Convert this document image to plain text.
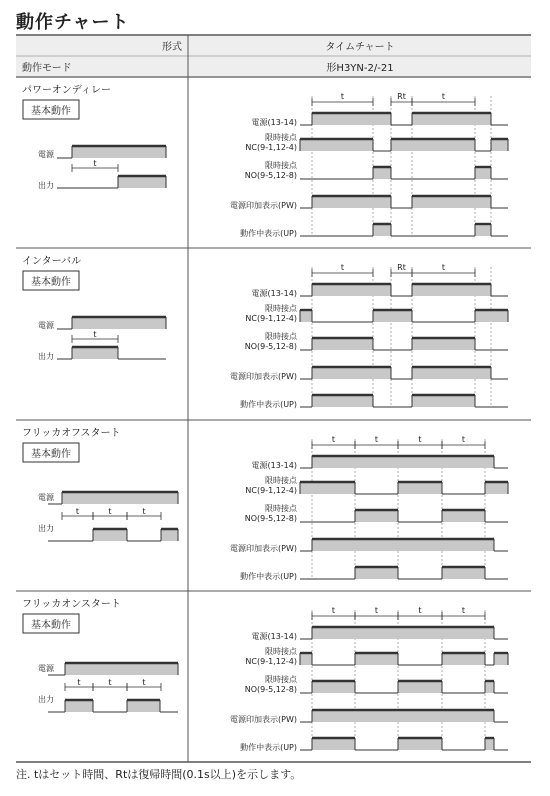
動作チャート
形式	タイムチャート
動作モード	形H3YN-2/-21
パワーオンディレー
基本動作
電源
出力
t
電源(13-14)
限時接点
NC(9-1,12-4)
限時接点
NO(9-5,12-8)
電源印加表示(PW)
動作中表示(UP)
t	Rt	t
インターバル
基本動作
電源
出力
t
電源(13-14)
限時接点
NC(9-1,12-4)
限時接点
NO(9-5,12-8)
電源印加表示(PW)
動作中表示(UP)
t	Rt	t
フリッカオフスタート
基本動作
電源
出力
t	t	t
電源(13-14)
限時接点
NC(9-1,12-4)
限時接点
NO(9-5,12-8)
電源印加表示(PW)
動作中表示(UP)
t	t	t	t
フリッカオンスタート
基本動作
電源
出力
t	t	t
電源(13-14)
限時接点
NC(9-1,12-4)
限時接点
NO(9-5,12-8)
電源印加表示(PW)
動作中表示(UP)
t	t	t	t
注. tはセット時間、Rtは復帰時間(0.1s以上)を示します。
